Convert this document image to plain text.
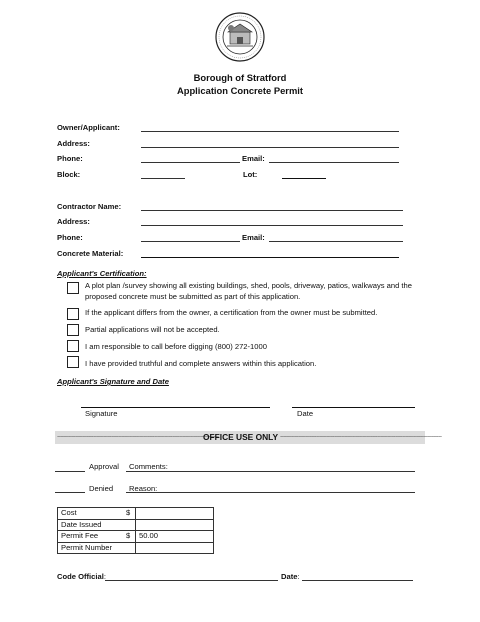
Borough of Stratford
Application Concrete Permit
Owner/Applicant:
Address:
Phone:	Email:
Block:	Lot:
Contractor Name:
Address:
Phone:	Email:
Concrete Material:
Applicant's Certification:
A plot plan /survey showing all existing buildings, shed, pools, driveway, patios, walkways and the
proposed concrete must be submitted as part of this application.
If the applicant differs from the owner, a certification from the owner must be submitted.
Partial applications will not be accepted.
I am responsible to call before digging (800) 272-1000
I have provided truthful and complete answers within this application.
Applicant's Signature and Date
Signature	Date
~~~~~~~~~~~~~~~~~~~~~~~~~~~~~~~~~~~~~~~~~~~~~
OFFICE USE ONLY ~~~~~~~~~~~~~~~~~~~~~~~~~~~~~~~~~~~~~~~~~~~~~
Approval Comments:
Denied Reason:
Cost	$	
Date Issued		
Permit Fee	$	50.00
Permit Number		
Code Official:	Date:
